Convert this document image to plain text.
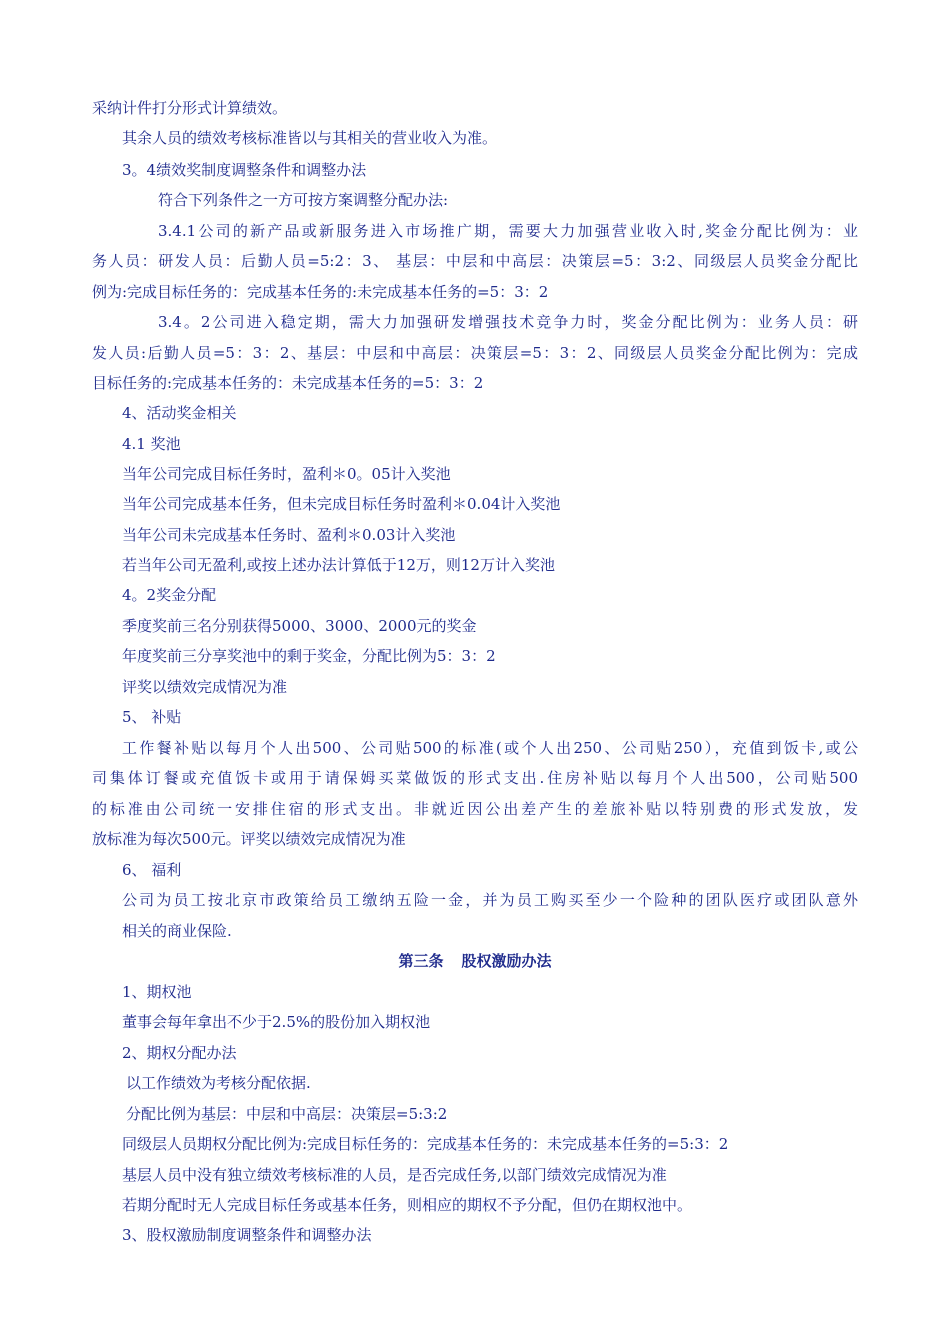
采纳计件打分形式计算绩效。
其余人员的绩效考核标准皆以与其相关的营业收入为准。
3。4绩效奖制度调整条件和调整办法
符合下列条件之一方可按方案调整分配办法:
3.4.1公司的新产品或新服务进入市场推广期，需要大力加强营业收入时,奖金分配比例为：业
务人员：研发人员：后勤人员=5:2：3、 基层：中层和中高层：决策层=5：3:2、同级层人员奖金分配比
例为:完成目标任务的：完成基本任务的:未完成基本任务的=5：3：2
3.4。2公司进入稳定期，需大力加强研发增强技术竞争力时，奖金分配比例为：业务人员：研
发人员:后勤人员=5：3：2、基层：中层和中高层：决策层=5：3：2、同级层人员奖金分配比例为：完成
目标任务的:完成基本任务的：未完成基本任务的=5：3：2
4、活动奖金相关
4.1 奖池
当年公司完成目标任务时，盈利＊0。05计入奖池
当年公司完成基本任务，但未完成目标任务时盈利＊0.04计入奖池
当年公司未完成基本任务时、盈利＊0.03计入奖池
若当年公司无盈利,或按上述办法计算低于12万，则12万计入奖池
4。2奖金分配
季度奖前三名分别获得5000、3000、2000元的奖金
年度奖前三分享奖池中的剩于奖金，分配比例为5：3：2
评奖以绩效完成情况为准
5、 补贴
工作餐补贴以每月个人出500、公司贴500的标准(或个人出250、公司贴250），充值到饭卡,或公
司集体订餐或充值饭卡或用于请保姆买菜做饭的形式支出.住房补贴以每月个人出500，公司贴500
的标准由公司统一安排住宿的形式支出。非就近因公出差产生的差旅补贴以特别费的形式发放，发
放标准为每次500元。评奖以绩效完成情况为准
6、 福利
公司为员工按北京市政策给员工缴纳五险一金，并为员工购买至少一个险种的团队医疗或团队意外
相关的商业保险.
第三条 股权激励办法
1、期权池
董事会每年拿出不少于2.5%的股份加入期权池
2、期权分配办法
以工作绩效为考核分配依据.
分配比例为基层：中层和中高层：决策层=5:3:2
同级层人员期权分配比例为:完成目标任务的：完成基本任务的：未完成基本任务的=5:3：2
基层人员中没有独立绩效考核标准的人员，是否完成任务,以部门绩效完成情况为准
若期分配时无人完成目标任务或基本任务，则相应的期权不予分配，但仍在期权池中。
3、股权激励制度调整条件和调整办法
